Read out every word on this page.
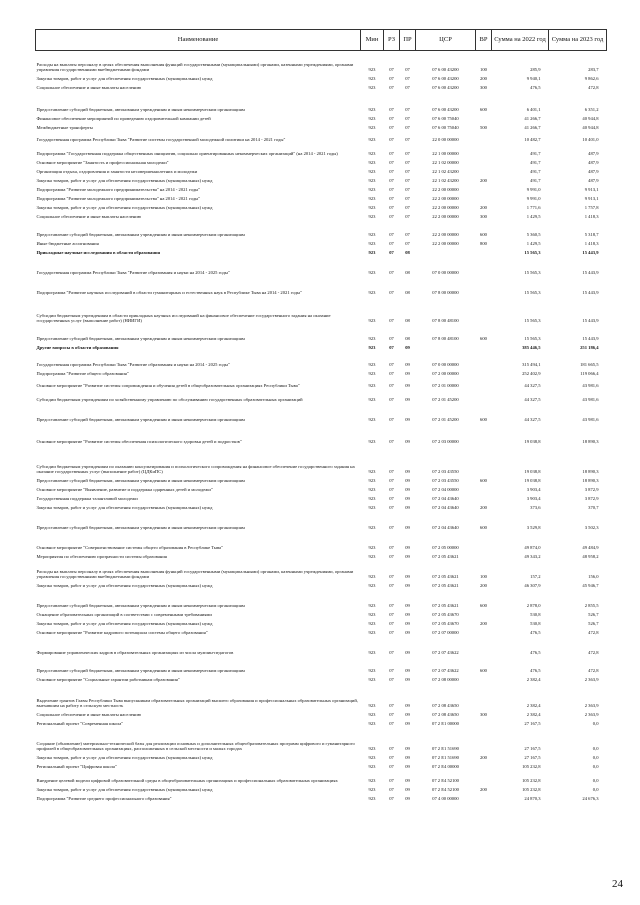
Наименование	Мин	РЗ	ПР	ЦСР	ВР	Сумма на 2022 год	Сумма на 2023 год
Расходы на выплаты персоналу в целях обеспечения выполнения функций государственными (муниципальными) органами, казенными учреждениями, органами управления государственными внебюджетными фондами	923	07	07	07 6 00 43200	100	285,9	283,7
Закупка товаров, работ и услуг для обеспечения государственных (муниципальных) нужд	923	07	07	07 6 00 43200	200	9 940,1	9 862,6
Социальное обеспечение и иные выплаты населению	923	07	07	07 6 00 43200	300	476,5	472,8
Предоставление субсидий бюджетным, автономным учреждениям и иным некоммерческим организациям	923	07	07	07 6 00 43200	600	6 401,1	6 351,2
Финансовое обеспечение мероприятий по проведению оздоровительной кампании детей	923	07	07	07 6 00 75040		41 266,7	40 944,8
Межбюджетные трансферты	923	07	07	07 6 00 75040	500	41 266,7	40 944,8
Государственная программа Республики Тыва "Развитие системы государственной молодежной политики на 2014 - 2021 годы"	923	07	07	22 0 00 00000		10 482,7	10 401,0
Подпрограмма "Государственная поддержка общественных инициатив, социально ориентированных некоммерческих организаций" (на 2014 - 2021 годы)	923	07	07	22 1 00 00000		491,7	487,9
Основное мероприятие "Занятость и профессиональная молодежи"	923	07	07	22 1 02 00000		491,7	487,9
Организация отдыха, оздоровления и занятости несовершеннолетних и молодежи	923	07	07	22 1 02 43200		491,7	487,9
Закупка товаров, работ и услуг для обеспечения государственных (муниципальных) нужд	923	07	07	22 1 02 43200	200	491,7	487,9
Подпрограмма "Развитие молодежного предпринимательства" на 2014 - 2021 годы"	923	07	07	22 2 00 00000		9 991,0	9 913,1
Подпрограмма "Развитие молодежного предпринимательства" на 2014 - 2021 годы"	923	07	07	22 2 00 00000		9 991,0	9 913,1
Закупка товаров, работ и услуг для обеспечения государственных (муниципальных) нужд	923	07	07	22 2 00 00000	200	1 771,6	1 757,8
Социальное обеспечение и иные выплаты населению	923	07	07	22 2 00 00000	300	1 429,5	1 418,3
Предоставление субсидий бюджетным, автономным учреждениям и иным некоммерческим организациям	923	07	07	22 2 00 00000	600	5 360,5	5 318,7
Иные бюджетные ассигнования	923	07	07	22 2 00 00000	800	1 429,5	1 418,3
Прикладные научные исследования в области образования	923	07	08			15 565,3	15 443,9
Государственная программа Республики Тыва "Развитие образования и науки на 2014 - 2025 годы"	923	07	08	07 0 00 00000		15 565,3	15 443,9
Подпрограмма "Развитие научных исследований в области гуманитарных и естественных наук в Республике Тыва на 2014 - 2021 годы"	923	07	08	07 8 00 00000		15 565,3	15 443,9
Субсидии бюджетным учреждениям в области прикладных научных исследований на финансовое обеспечение государственного задания на оказание государственных услуг (выполнение работ) (НИИГИ)	923	07	08	07 8 00 48100		15 565,3	15 443,9
Предоставление субсидий бюджетным, автономным учреждениям и иным некоммерческим организациям	923	07	08	07 8 00 48100	600	15 565,3	15 443,9
Другие вопросы в области образования	923	07	09			385 446,5	251 186,4
Государственная программа Республики Тыва "Развитие образования и науки на 2014 - 2025 годы"	923	07	09	07 0 00 00000		315 494,1	181 665,5
Подпрограмма "Развитие общего образования"	923	07	09	07 2 00 00000		252 402,9	119 066,4
Основное мероприятие "Развитие системы сопровождения и обучения детей в общеобразовательных организациях Республики Тыва"	923	07	09	07 2 01 00000		44 327,5	43 981,6
Субсидии бюджетным учреждениям по хозяйственному управлению по обслуживанию государственных образовательных организаций	923	07	09	07 2 01 45200		44 327,5	43 981,6
Предоставление субсидий бюджетным, автономным учреждениям и иным некоммерческим организациям	923	07	09	07 2 01 45200	600	44 327,5	43 981,6
Основное мероприятие "Развитие системы обеспечения психологического здоровья детей и подростков"	923	07	09	07 2 03 00000		19 038,8	18 890,3
Субсидии бюджетным учреждениям по оказанию консультирования и психологического сопровождения на финансовое обеспечение государственного задания на оказание государственных услуг (выполнение работ) (ЦДКиПС)	923	07	09	07 2 03 43550		19 038,8	18 890,3
Предоставление субсидий бюджетным, автономным учреждениям и иным некоммерческим организациям	923	07	09	07 2 03 43550	600	19 038,8	18 890,3
Основное мероприятие "Выявление, развитие и поддержка одаренных детей и молодежи"	923	07	09	07 2 04 00000		3 903,4	3 872,9
Государственная поддержка талантливой молодежи	923	07	09	07 2 04 43640		3 903,4	3 872,9
Закупка товаров, работ и услуг для обеспечения государственных (муниципальных) нужд	923	07	09	07 2 04 43640	200	373,6	370,7
Предоставление субсидий бюджетным, автономным учреждениям и иным некоммерческим организациям	923	07	09	07 2 04 43640	600	3 529,8	3 502,3
Основное мероприятие "Совершенствование системы общего образования в Республике Тыва"	923	07	09	07 2 05 00000		49 874,0	49 484,9
Мероприятия по обеспечению прозрачности системы образования	923	07	09	07 2 05 43621		49 343,2	48 958,2
Расходы на выплаты персоналу в целях обеспечения выполнения функций государственными (муниципальными) органами, казенными учреждениями, органами управления государственными внебюджетными фондами	923	07	09	07 2 05 43621	100	157,2	156,0
Закупка товаров, работ и услуг для обеспечения государственных (муниципальных) нужд	923	07	09	07 2 05 43621	200	46 307,9	45 946,7
Предоставление субсидий бюджетным, автономным учреждениям и иным некоммерческим организациям	923	07	09	07 2 05 43621	600	2 878,0	2 855,5
Оснащение образовательных организаций в соответствии с современными требованиями	923	07	09	07 2 05 43670		530,8	526,7
Закупка товаров, работ и услуг для обеспечения государственных (муниципальных) нужд	923	07	09	07 2 05 43670	200	530,8	526,7
Основное мероприятие "Развитие кадрового потенциала системы общего образования"	923	07	09	07 2 07 00000		476,5	472,8
Формирование управленческих кадров в образовательных организациях из числа мужчин-педагогов	923	07	09	07 2 07 43622		476,5	472,8
Предоставление субсидий бюджетным, автономным учреждениям и иным некоммерческим организациям	923	07	09	07 2 07 43622	600	476,5	472,8
Основное мероприятие "Социальные гарантии работникам образования"	923	07	09	07 2 08 00000		2 382,4	2 363,9
Выделение грантов Главы Республики Тыва выпускникам образовательных организаций высшего образования и профессиональных образовательных организаций, выехавшим на работу в сельскую местность	923	07	09	07 2 08 43650		2 382,4	2 363,9
Социальное обеспечение и иные выплаты населению	923	07	09	07 2 08 43650	300	2 382,4	2 363,9
Региональный проект "Современная школа"	923	07	09	07 2 E1 00000		27 167,5	0,0
Создание (обновление) материально-технической базы для реализации основных и дополнительных общеобразовательных программ цифрового и гуманитарного профилей в общеобразовательных организациях, расположенных в сельской местности и малых городах	923	07	09	07 2 E1 51690		27 167,5	0,0
Закупка товаров, работ и услуг для обеспечения государственных (муниципальных) нужд	923	07	09	07 2 E1 51690	200	27 167,5	0,0
Региональный проект "Цифровая школа"	923	07	09	07 2 E4 00000		105 232,8	0,0
Внедрение целевой модели цифровой образовательной среды в общеобразовательных организациях и профессиональных образовательных организациях	923	07	09	07 2 E4 52100		105 232,8	0,0
Закупка товаров, работ и услуг для обеспечения государственных (муниципальных) нужд	923	07	09	07 2 E4 52100	200	105 232,8	0,0
Подпрограмма "Развитие среднего профессионального образования"	923	07	09	07 4 00 00000		24 870,3	24 676,3
24
